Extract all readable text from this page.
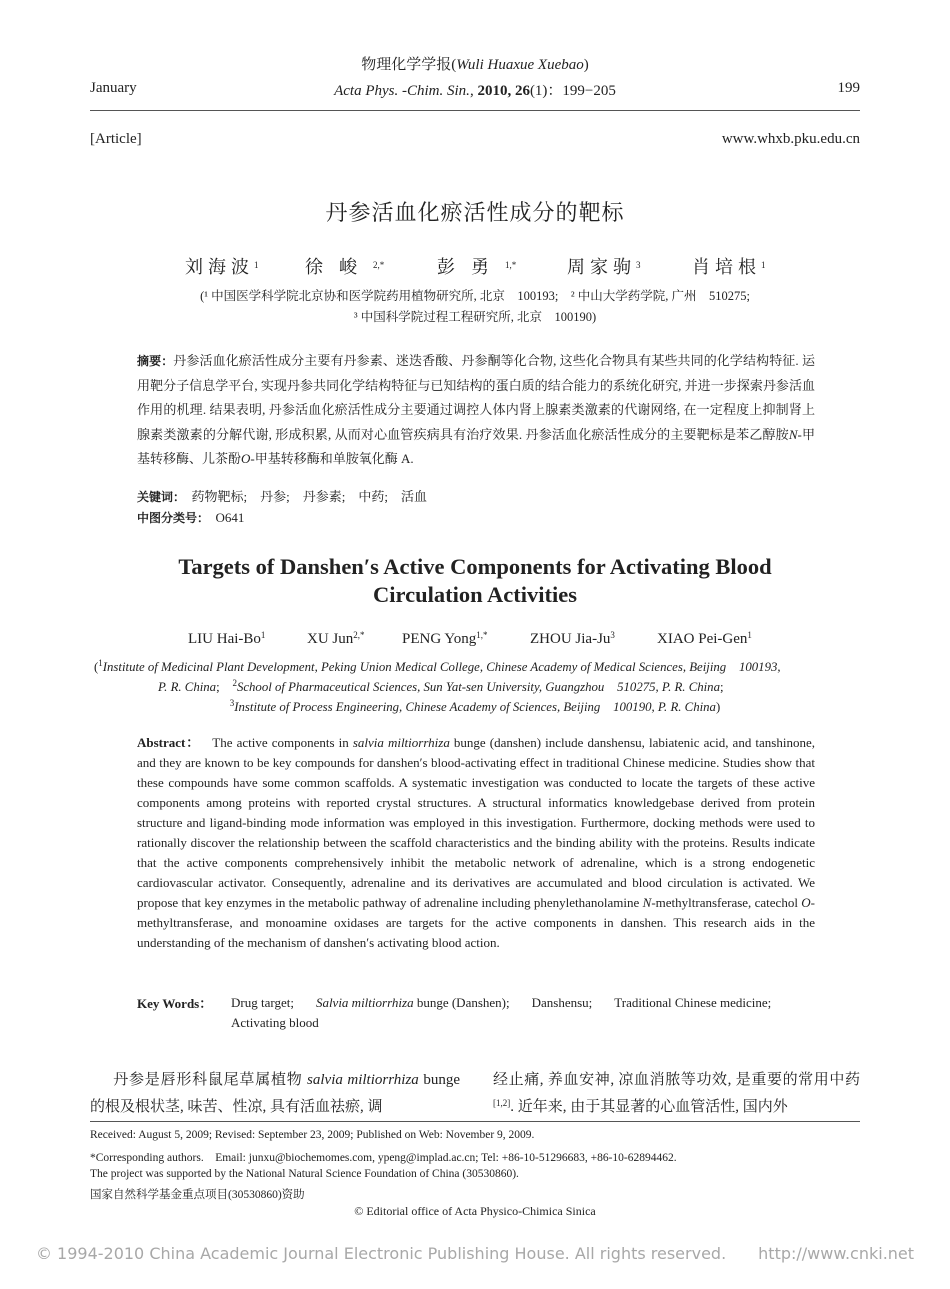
January
物理化学学报(Wuli Huaxue Xuebao)
Acta Phys. -Chim. Sin., 2010, 26(1)：199−205	199
[Article]	www.whxb.pku.edu.cn
丹参活血化瘀活性成分的靶标
刘海波$^1$ 徐峻$^{2,*}$	彭勇$^{1,*}$	周家驹$^3$	肖培根$^1$
(¹ 中国医学科学院北京协和医学院药用植物研究所, 北京　100193;　² 中山大学药学院, 广州　510275;
³ 中国科学院过程工程研究所, 北京　100190)
摘要：丹参活血化瘀活性成分主要有丹参素、迷迭香酸、丹参酮等化合物, 这些化合物具有某些共同的化学结构特征. 运用靶分子信息学平台, 实现丹参共同化学结构特征与已知结构的蛋白质的结合能力的系统化研究, 并进一步探索丹参活血作用的机理. 结果表明, 丹参活血化瘀活性成分主要通过调控人体内肾上腺素类激素的代谢网络, 在一定程度上抑制肾上腺素类激素的分解代谢, 形成积累, 从而对心血管疾病具有治疗效果. 丹参活血化瘀活性成分的主要靶标是苯乙醇胺N-甲基转移酶、儿茶酚O-甲基转移酶和单胺氧化酶 A.
关键词： 药物靶标;　丹参;　丹参素;　中药;　活血
中图分类号： O641
Targets of Danshen′s Active Components for Activating Blood
Circulation Activities
LIU Hai-Bo$^1$	XU Jun$^{2,*}$ PENG Yong$^{1,*}$	ZHOU Jia-Ju$^3$	XIAO Pei-Gen$^1$
($^1$Institute of Medicinal Plant Development, Peking Union Medical College, Chinese Academy of Medical Sciences, Beijing　100193,
P. R. China;    $^2$School of Pharmaceutical Sciences, Sun Yat-sen University, Guangzhou　510275, P. R. China;
$^3$Institute of Process Engineering, Chinese Academy of Sciences, Beijing　100190, P. R. China)
Abstract： The active components in salvia miltiorrhiza bunge (danshen) include danshensu, labiatenic acid, and tanshinone, and they are known to be key compounds for danshen′s blood-activating effect in traditional Chinese medicine. Studies show that these compounds have some common scaffolds. A systematic investigation was conducted to locate the targets of these active components among proteins with reported crystal structures. A structural informatics knowledgebase derived from protein structure and ligand-binding mode information was employed in this investigation. Furthermore, docking methods were used to rationally discover the relationship between the scaffold characteristics and the binding ability with the proteins. Results indicate that the active components comprehensively inhibit the metabolic network of adrenaline, which is a strong endogenetic cardiovascular activator. Consequently, adrenaline and its derivatives are accumulated and blood circulation is activated. We propose that key enzymes in the metabolic pathway of adrenaline including phenylethanolamine N-methyltransferase, catechol O-methyltransferase, and monoamine oxidases are targets for the active components in danshen. This research aids in the understanding of the mechanism of danshen′s activating blood action.
Key Words： Drug target; Salvia miltiorrhiza bunge (Danshen); Danshensu; Traditional Chinese medicine;
Activating blood
  丹参是唇形科鼠尾草属植物 salvia miltiorrhiza bunge 的根及根状茎, 味苦、性凉, 具有活血祛瘀, 调
经止痛, 养血安神, 凉血消脓等功效, 是重要的常用中药[1,2]. 近年来, 由于其显著的心血管活性, 国内外
Received: August 5, 2009; Revised: September 23, 2009; Published on Web: November 9, 2009.
*Corresponding authors.　Email: junxu@biochemomes.com, ypeng@implad.ac.cn; Tel: +86-10-51296683, +86-10-62894462.
The project was supported by the National Natural Science Foundation of China (30530860).
国家自然科学基金重点项目(30530860)资助
© Editorial office of Acta Physico-Chimica Sinica
© 1994-2010 China Academic Journal Electronic Publishing House. All rights reserved.　　http://www.cnki.net
